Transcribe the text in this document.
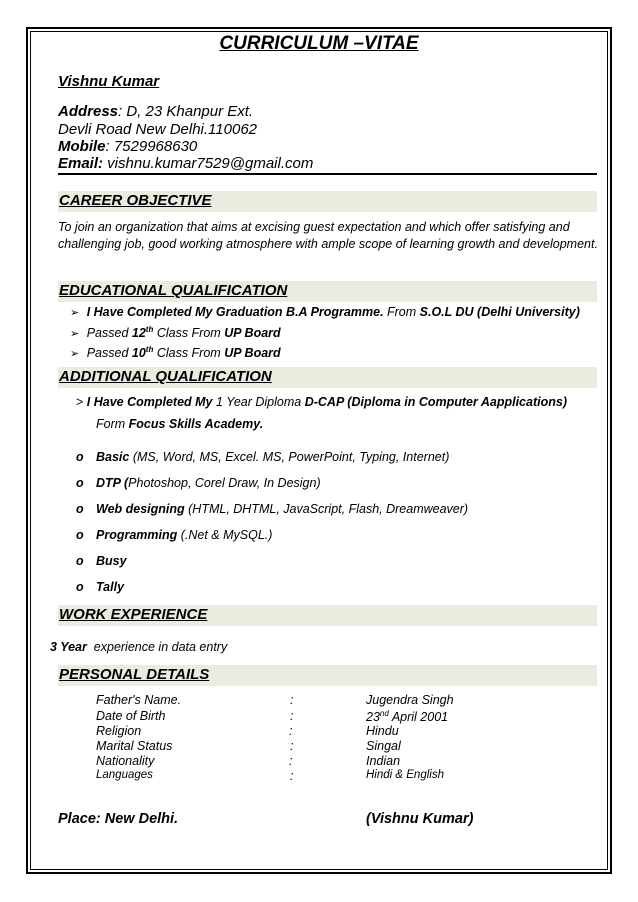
CURRICULUM –VITAE
Vishnu Kumar
Address: D, 23 Khanpur Ext.
Devli Road New Delhi.110062
Mobile: 7529968630
Email: vishnu.kumar7529@gmail.com
CAREER OBJECTIVE
To join an organization that aims at excising guest expectation and which offer satisfying and challenging job, good working atmosphere with ample scope of learning growth and development.
EDUCATIONAL QUALIFICATION
➢ I Have Completed My Graduation B.A Programme. From S.O.L DU (Delhi University)
➢ Passed 12th Class From UP Board
➢ Passed 10th Class From UP Board
ADDITIONAL QUALIFICATION
> I Have Completed My 1 Year Diploma D-CAP (Diploma in Computer Aapplications)
Form Focus Skills Academy.
o Basic (MS, Word, MS, Excel. MS, PowerPoint, Typing, Internet)
o DTP (Photoshop, Corel Draw, In Design)
o Web designing (HTML, DHTML, JavaScript, Flash, Dreamweaver)
o Programming (.Net & MySQL.)
o Busy
o Tally
WORK EXPERIENCE
3 Year  experience in data entry
PERSONAL DETAILS
Father's Name.	:	Jugendra Singh
Date of Birth	:	23nd April 2001
Religion	:	Hindu
Marital Status	:	Singal
Nationality	:	Indian
Languages	:	Hindi & English
Place: New Delhi.	(Vishnu Kumar)
